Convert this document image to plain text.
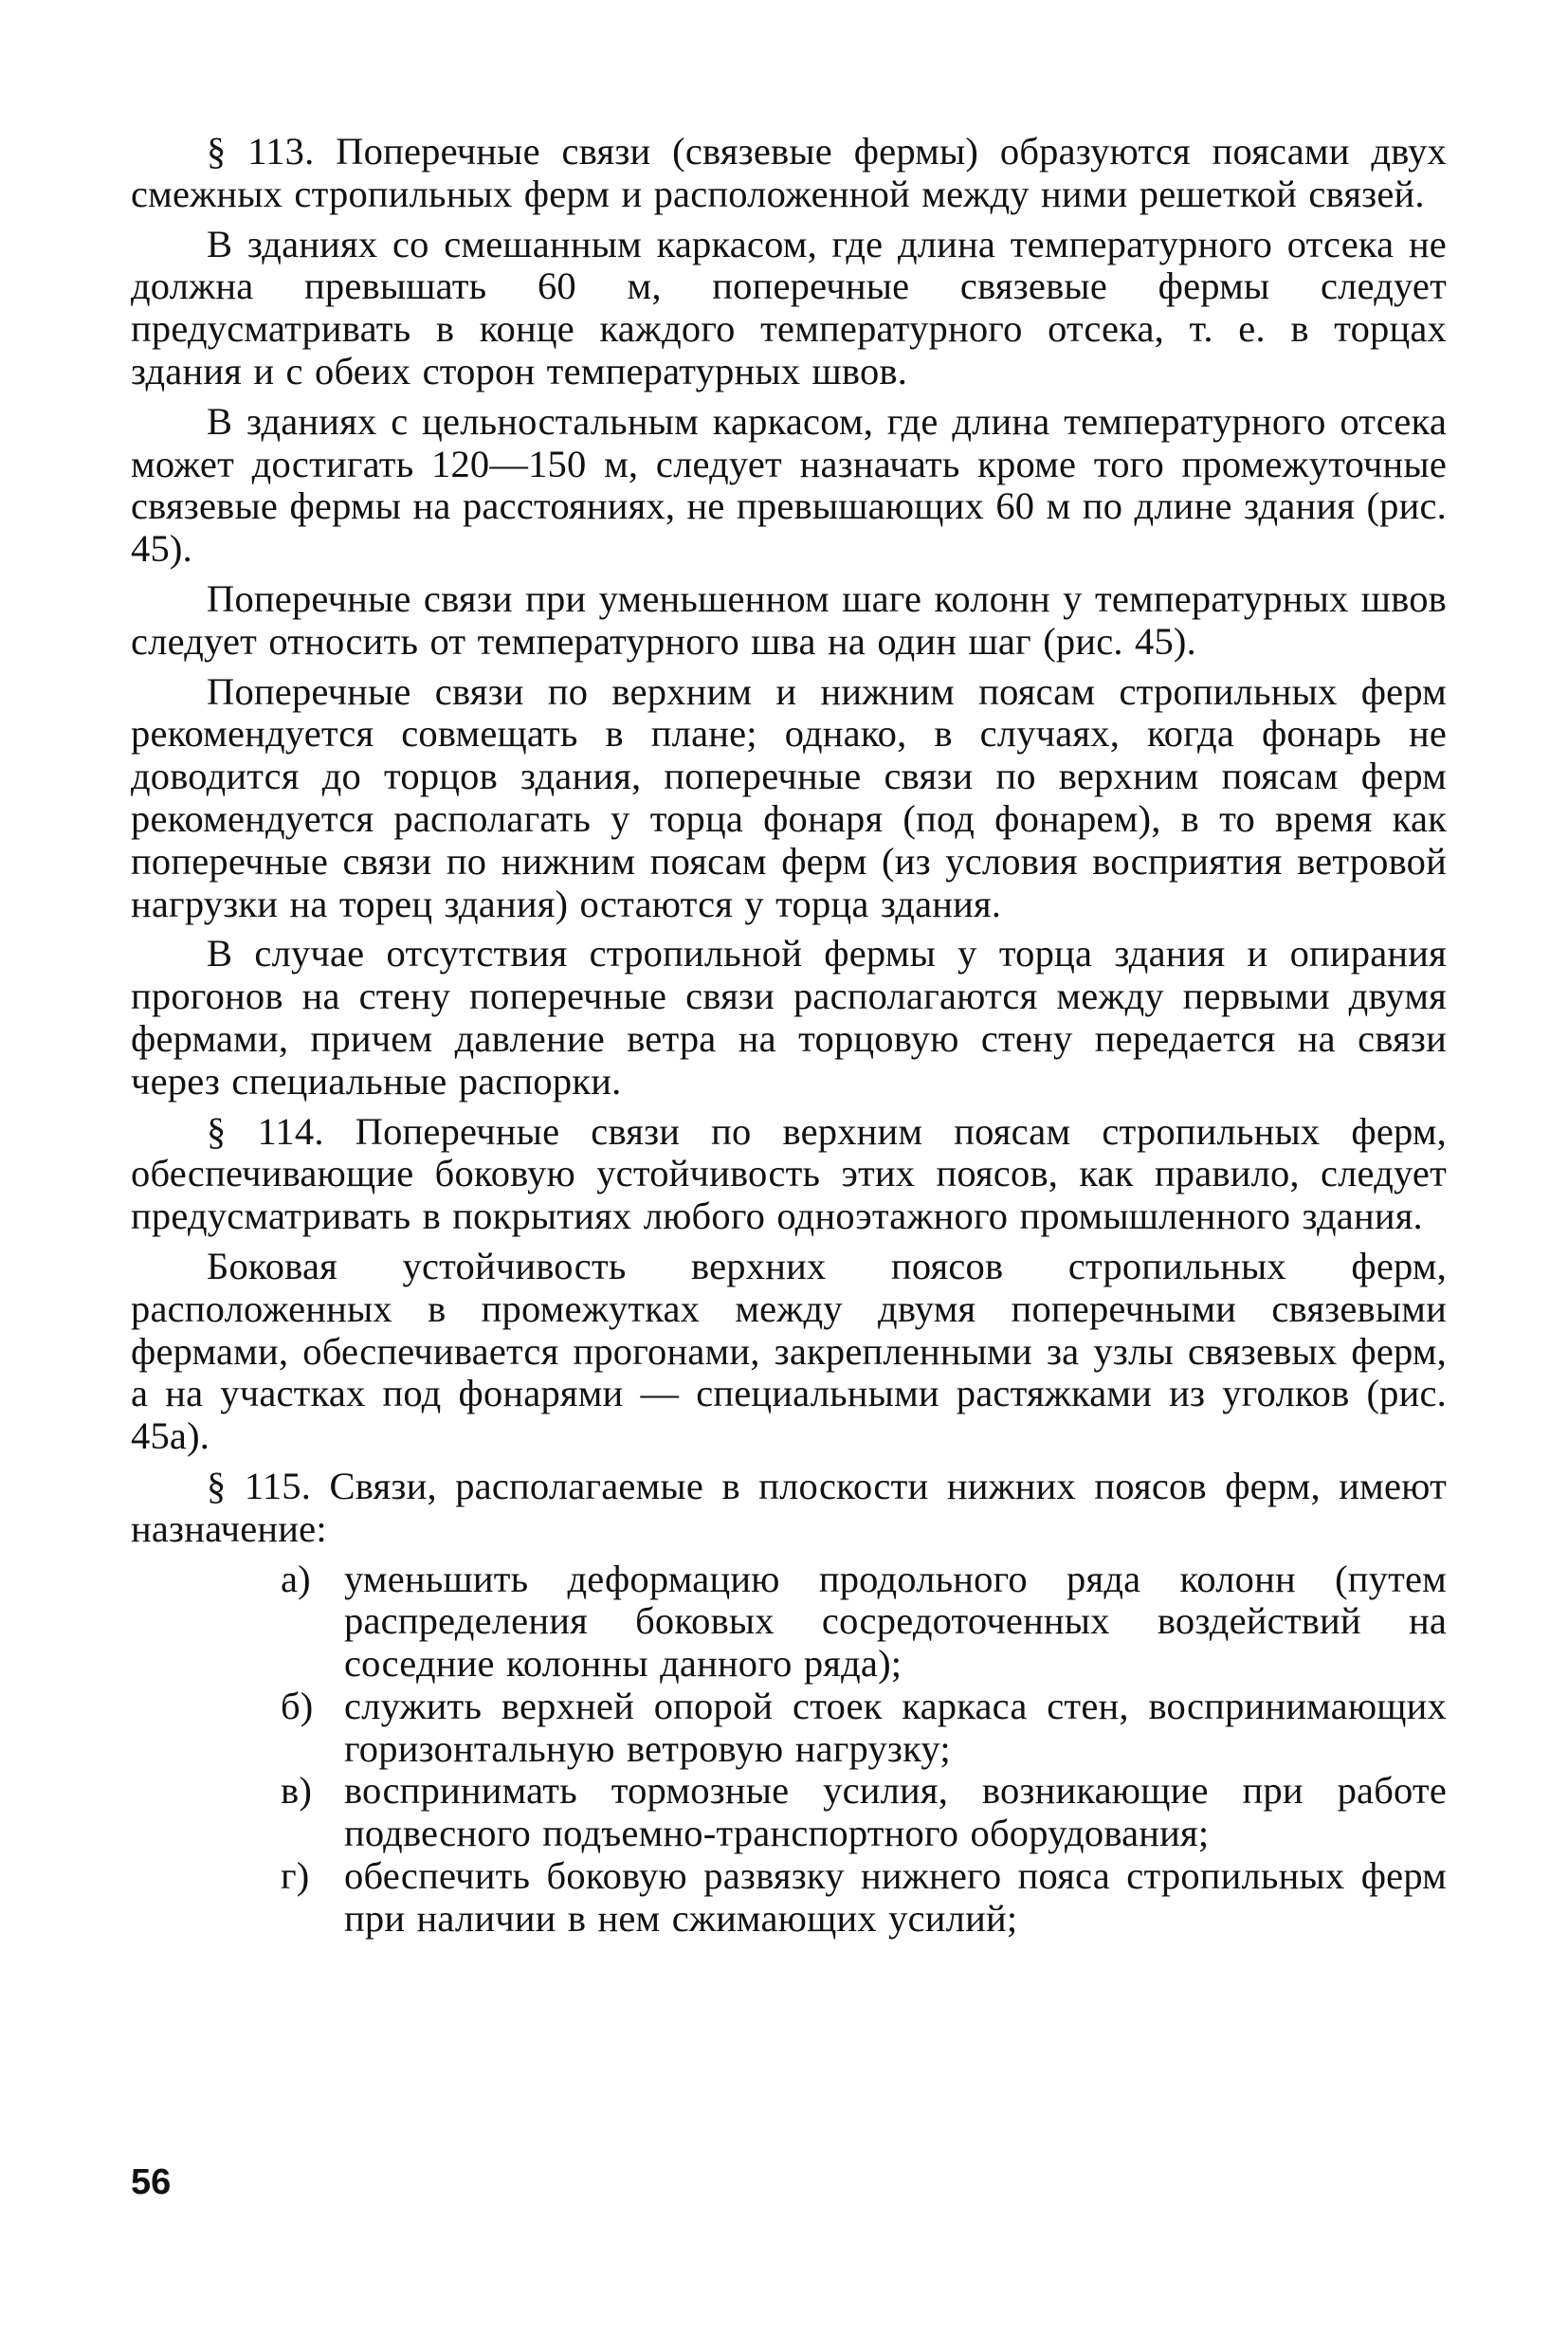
§ 113. Поперечные связи (связевые фермы) образуются поясами двух смежных стропильных ферм и расположенной между ними решеткой связей.

В зданиях со смешанным каркасом, где длина температурного отсека не должна превышать 60 м, поперечные связевые фермы следует предусматривать в конце каждого температурного отсека, т. е. в торцах здания и с обеих сторон температурных швов.

В зданиях с цельностальным каркасом, где длина температурного отсека может достигать 120—150 м, следует назначать кроме того промежуточные связевые фермы на расстояниях, не превышающих 60 м по длине здания (рис. 45).

Поперечные связи при уменьшенном шаге колонн у температурных швов следует относить от температурного шва на один шаг (рис. 45).

Поперечные связи по верхним и нижним поясам стропильных ферм рекомендуется совмещать в плане; однако, в случаях, когда фонарь не доводится до торцов здания, поперечные связи по верхним поясам ферм рекомендуется располагать у торца фонаря (под фонарем), в то время как поперечные связи по нижним поясам ферм (из условия восприятия ветровой нагрузки на торец здания) остаются у торца здания.

В случае отсутствия стропильной фермы у торца здания и опирания прогонов на стену поперечные связи располагаются между первыми двумя фермами, причем давление ветра на торцовую стену передается на связи через специальные распорки.

§ 114. Поперечные связи по верхним поясам стропильных ферм, обеспечивающие боковую устойчивость этих поясов, как правило, следует предусматривать в покрытиях любого одноэтажного промышленного здания.

Боковая устойчивость верхних поясов стропильных ферм, расположенных в промежутках между двумя поперечными связевыми фермами, обеспечивается прогонами, закрепленными за узлы связевых ферм, а на участках под фонарями — специальными растяжками из уголков (рис. 45а).

§ 115. Связи, располагаемые в плоскости нижних поясов ферм, имеют назначение:

а) уменьшить деформацию продольного ряда колонн (путем распределения боковых сосредоточенных воздействий на соседние колонны данного ряда);
б) служить верхней опорой стоек каркаса стен, воспринимающих горизонтальную ветровую нагрузку;
в) воспринимать тормозные усилия, возникающие при работе подвесного подъемно-транспортного оборудования;
г) обеспечить боковую развязку нижнего пояса стропильных ферм при наличии в нем сжимающих усилий;
56
